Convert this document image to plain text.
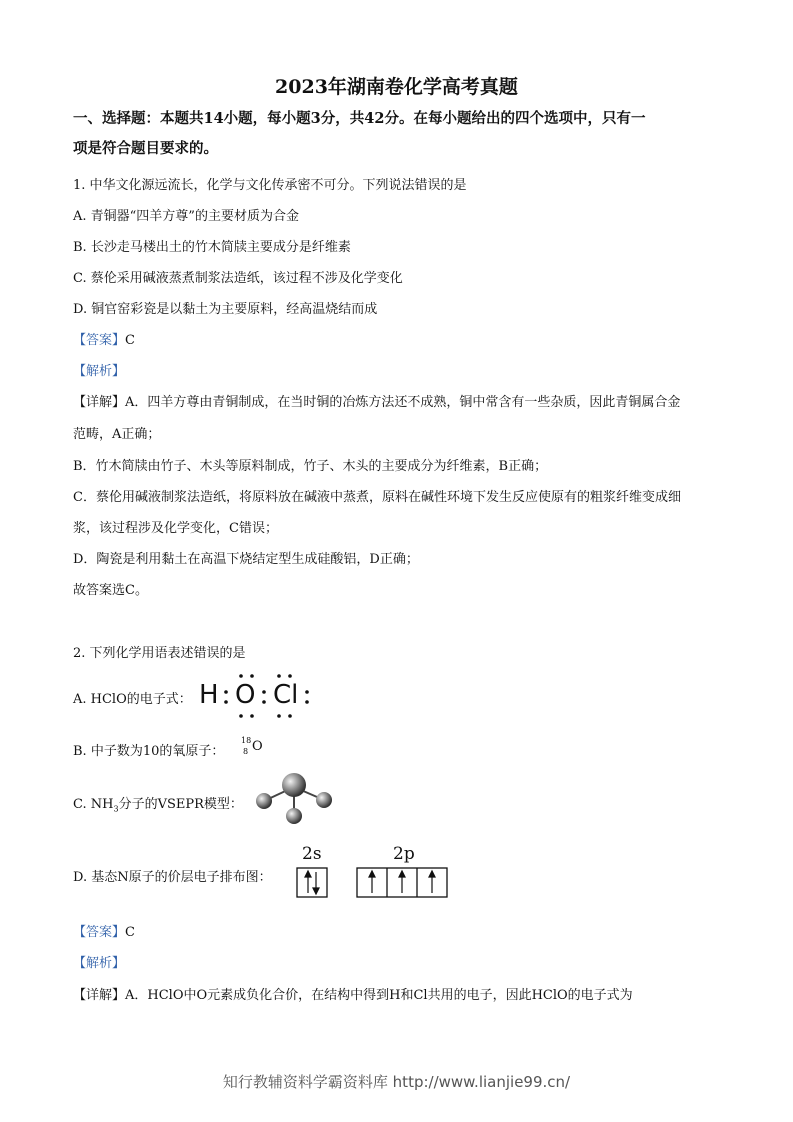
2023年湖南卷化学高考真题
一、选择题：本题共14小题，每小题3分，共42分。在每小题给出的四个选项中，只有一
项是符合题目要求的。
1. 中华文化源远流长，化学与文化传承密不可分。下列说法错误的是
A. 青铜器“四羊方尊”的主要材质为合金
B. 长沙走马楼出土的竹木简牍主要成分是纤维素
C. 蔡伦采用碱液蒸煮制浆法造纸，该过程不涉及化学变化
D. 铜官窑彩瓷是以黏土为主要原料，经高温烧结而成
【答案】C
【解析】
【详解】A．四羊方尊由青铜制成，在当时铜的冶炼方法还不成熟，铜中常含有一些杂质，因此青铜属合金
范畴，A正确；
B．竹木简牍由竹子、木头等原料制成，竹子、木头的主要成分为纤维素，B正确；
C．蔡伦用碱液制浆法造纸，将原料放在碱液中蒸煮，原料在碱性环境下发生反应使原有的粗浆纤维变成细
浆，该过程涉及化学变化，C错误；
D．陶瓷是利用黏土在高温下烧结定型生成硅酸铝，D正确；
故答案选C。
2. 下列化学用语表述错误的是
A. HClO的电子式： H O Cl
B. 中子数为10的氧原子：
18
8 O
C. $NH_3$分子的VSEPR模型：
D. 基态N原子的价层电子排布图：
2s	2p
【答案】C
【解析】
【详解】A．HClO中O元素成负化合价，在结构中得到H和Cl共用的电子，因此HClO的电子式为
知行教辅资料学霸资料库 http://www.lianjie99.cn/
